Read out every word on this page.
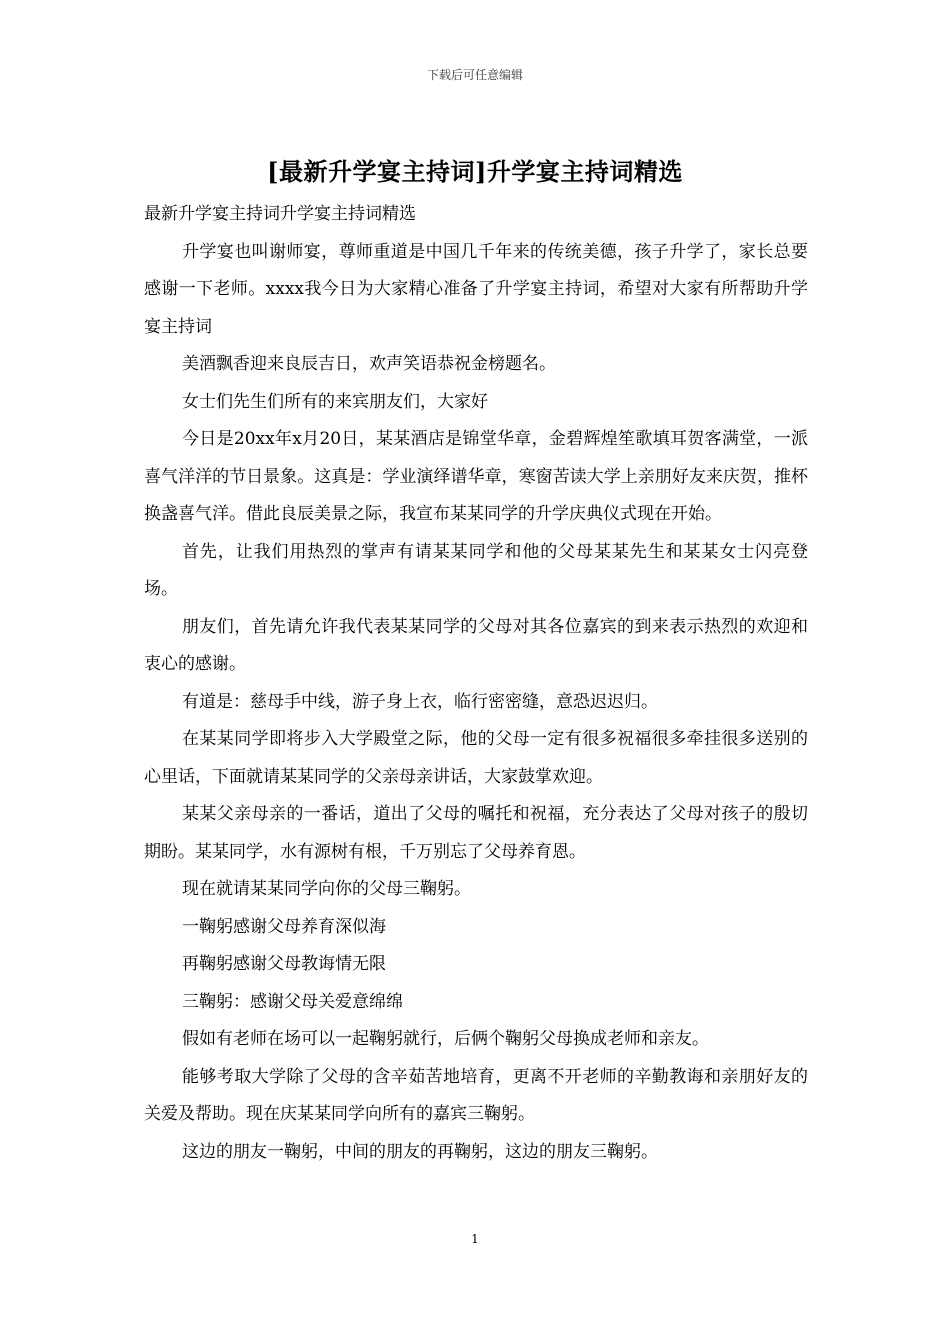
下载后可任意编辑
[最新升学宴主持词]升学宴主持词精选

最新升学宴主持词升学宴主持词精选

升学宴也叫谢师宴，尊师重道是中国几千年来的传统美德，孩子升学了，家长总要感谢一下老师。xxxx我今日为大家精心准备了升学宴主持词，希望对大家有所帮助升学宴主持词

美酒飘香迎来良辰吉日，欢声笑语恭祝金榜题名。

女士们先生们所有的来宾朋友们，大家好

今日是20xx年x月20日，某某酒店是锦堂华章，金碧辉煌笙歌填耳贺客满堂，一派喜气洋洋的节日景象。这真是：学业演绎谱华章，寒窗苦读大学上亲朋好友来庆贺，推杯换盏喜气洋。借此良辰美景之际，我宣布某某同学的升学庆典仪式现在开始。

首先，让我们用热烈的掌声有请某某同学和他的父母某某先生和某某女士闪亮登场。

朋友们，首先请允许我代表某某同学的父母对其各位嘉宾的到来表示热烈的欢迎和衷心的感谢。

有道是：慈母手中线，游子身上衣，临行密密缝，意恐迟迟归。

在某某同学即将步入大学殿堂之际，他的父母一定有很多祝福很多牵挂很多送别的心里话，下面就请某某同学的父亲母亲讲话，大家鼓掌欢迎。

某某父亲母亲的一番话，道出了父母的嘱托和祝福，充分表达了父母对孩子的殷切期盼。某某同学，水有源树有根，千万别忘了父母养育恩。

现在就请某某同学向你的父母三鞠躬。

一鞠躬感谢父母养育深似海

再鞠躬感谢父母教诲情无限

三鞠躬：感谢父母关爱意绵绵

假如有老师在场可以一起鞠躬就行，后俩个鞠躬父母换成老师和亲友。

能够考取大学除了父母的含辛茹苦地培育，更离不开老师的辛勤教诲和亲朋好友的关爱及帮助。现在庆某某同学向所有的嘉宾三鞠躬。

这边的朋友一鞠躬，中间的朋友的再鞠躬，这边的朋友三鞠躬。

1
